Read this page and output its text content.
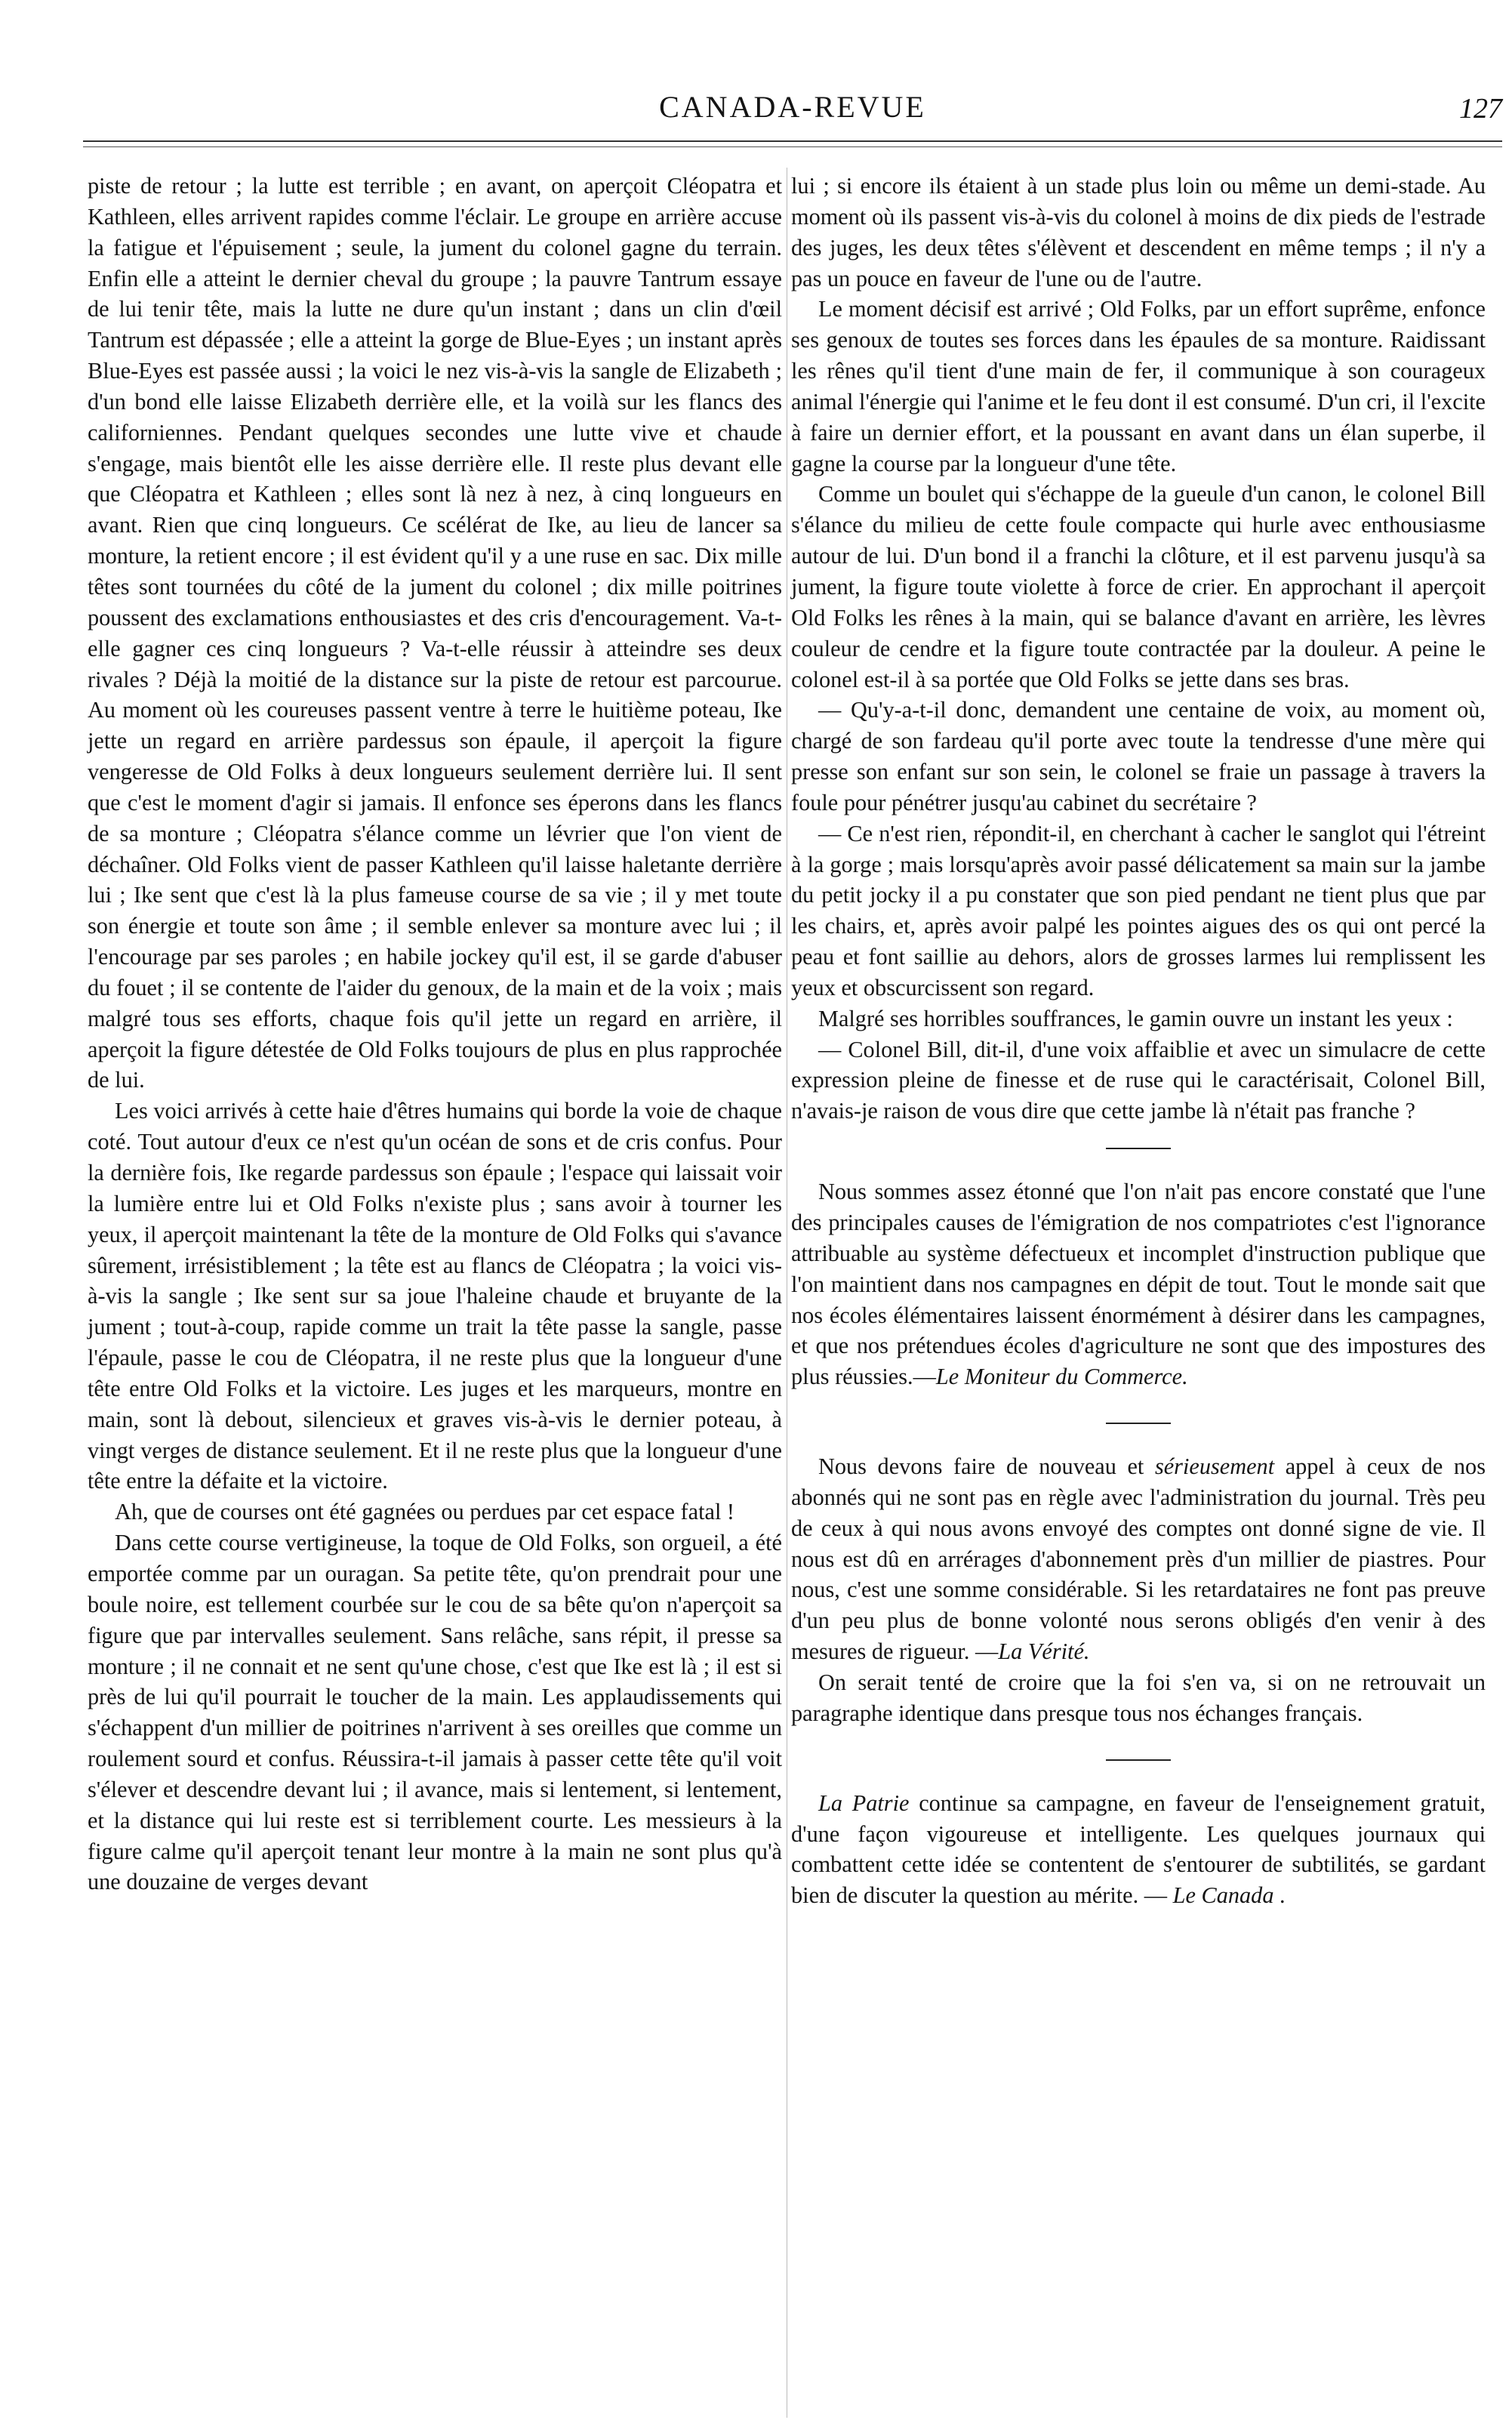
CANADA-REVUE	127

piste de retour ; la lutte est terrible ; en avant, on aperçoit Cléopatra et Kathleen, elles arrivent rapides comme l'éclair. Le groupe en arrière accuse la fatigue et l'épuisement ; seule, la jument du colonel gagne du terrain. Enfin elle a atteint le dernier cheval du groupe ; la pauvre Tantrum essaye de lui tenir tête, mais la lutte ne dure qu'un instant ; dans un clin d'œil Tantrum est dépassée ; elle a atteint la gorge de Blue-Eyes ; un instant après Blue-Eyes est passée aussi ; la voici le nez vis-à-vis la sangle de Elizabeth ; d'un bond elle laisse Elizabeth derrière elle, et la voilà sur les flancs des californiennes. Pendant quelques secondes une lutte vive et chaude s'engage, mais bientôt elle les aisse derrière elle. Il reste plus devant elle que Cléopatra et Kathleen ; elles sont là nez à nez, à cinq longueurs en avant. Rien que cinq longueurs. Ce scélérat de Ike, au lieu de lancer sa monture, la retient encore ; il est évident qu'il y a une ruse en sac. Dix mille têtes sont tournées du côté de la jument du colonel ; dix mille poitrines poussent des exclamations enthousiastes et des cris d'encouragement. Va-t-elle gagner ces cinq longueurs ? Va-t-elle réussir à atteindre ses deux rivales ? Déjà la moitié de la distance sur la piste de retour est parcourue. Au moment où les coureuses passent ventre à terre le huitième poteau, Ike jette un regard en arrière pardessus son épaule, il aperçoit la figure vengeresse de Old Folks à deux longueurs seulement derrière lui. Il sent que c'est le moment d'agir si jamais. Il enfonce ses éperons dans les flancs de sa monture ; Cléopatra s'élance comme un lévrier que l'on vient de déchaîner. Old Folks vient de passer Kathleen qu'il laisse haletante derrière lui ; Ike sent que c'est là la plus fameuse course de sa vie ; il y met toute son énergie et toute son âme ; il semble enlever sa monture avec lui ; il l'encourage par ses paroles ; en habile jockey qu'il est, il se garde d'abuser du fouet ; il se contente de l'aider du genoux, de la main et de la voix ; mais malgré tous ses efforts, chaque fois qu'il jette un regard en arrière, il aperçoit la figure détestée de Old Folks toujours de plus en plus rapprochée de lui.

Les voici arrivés à cette haie d'êtres humains qui borde la voie de chaque coté. Tout autour d'eux ce n'est qu'un océan de sons et de cris confus. Pour la dernière fois, Ike regarde pardessus son épaule ; l'espace qui laissait voir la lumière entre lui et Old Folks n'existe plus ; sans avoir à tourner les yeux, il aperçoit maintenant la tête de la monture de Old Folks qui s'avance sûrement, irrésistiblement ; la tête est au flancs de Cléopatra ; la voici vis-à-vis la sangle ; Ike sent sur sa joue l'haleine chaude et bruyante de la jument ; tout-à-coup, rapide comme un trait la tête passe la sangle, passe l'épaule, passe le cou de Cléopatra, il ne reste plus que la longueur d'une tête entre Old Folks et la victoire. Les juges et les marqueurs, montre en main, sont là debout, silencieux et graves vis-à-vis le dernier poteau, à vingt verges de distance seulement. Et il ne reste plus que la longueur d'une tête entre la défaite et la victoire.

Ah, que de courses ont été gagnées ou perdues par cet espace fatal !

Dans cette course vertigineuse, la toque de Old Folks, son orgueil, a été emportée comme par un ouragan. Sa petite tête, qu'on prendrait pour une boule noire, est tellement courbée sur le cou de sa bête qu'on n'aperçoit sa figure que par intervalles seulement. Sans relâche, sans répit, il presse sa monture ; il ne connait et ne sent qu'une chose, c'est que Ike est là ; il est si près de lui qu'il pourrait le toucher de la main. Les applaudissements qui s'échappent d'un millier de poitrines n'arrivent à ses oreilles que comme un roulement sourd et confus. Réussira-t-il jamais à passer cette tête qu'il voit s'élever et descendre devant lui ; il avance, mais si lentement, si lentement, et la distance qui lui reste est si terriblement courte. Les messieurs à la figure calme qu'il aperçoit tenant leur montre à la main ne sont plus qu'à une douzaine de verges devant

lui ; si encore ils étaient à un stade plus loin ou même un demi-stade. Au moment où ils passent vis-à-vis du colonel à moins de dix pieds de l'estrade des juges, les deux têtes s'élèvent et descendent en même temps ; il n'y a pas un pouce en faveur de l'une ou de l'autre.

Le moment décisif est arrivé ; Old Folks, par un effort suprême, enfonce ses genoux de toutes ses forces dans les épaules de sa monture. Raidissant les rênes qu'il tient d'une main de fer, il communique à son courageux animal l'énergie qui l'anime et le feu dont il est consumé. D'un cri, il l'excite à faire un dernier effort, et la poussant en avant dans un élan superbe, il gagne la course par la longueur d'une tête.

Comme un boulet qui s'échappe de la gueule d'un canon, le colonel Bill s'élance du milieu de cette foule compacte qui hurle avec enthousiasme autour de lui. D'un bond il a franchi la clôture, et il est parvenu jusqu'à sa jument, la figure toute violette à force de crier. En approchant il aperçoit Old Folks les rênes à la main, qui se balance d'avant en arrière, les lèvres couleur de cendre et la figure toute contractée par la douleur. A peine le colonel est-il à sa portée que Old Folks se jette dans ses bras.

— Qu'y-a-t-il donc, demandent une centaine de voix, au moment où, chargé de son fardeau qu'il porte avec toute la tendresse d'une mère qui presse son enfant sur son sein, le colonel se fraie un passage à travers la foule pour pénétrer jusqu'au cabinet du secrétaire ?

— Ce n'est rien, répondit-il, en cherchant à cacher le sanglot qui l'étreint à la gorge ; mais lorsqu'après avoir passé délicatement sa main sur la jambe du petit jocky il a pu constater que son pied pendant ne tient plus que par les chairs, et, après avoir palpé les pointes aigues des os qui ont percé la peau et font saillie au dehors, alors de grosses larmes lui remplissent les yeux et obscurcissent son regard.

Malgré ses horribles souffrances, le gamin ouvre un instant les yeux :

— Colonel Bill, dit-il, d'une voix affaiblie et avec un simulacre de cette expression pleine de finesse et de ruse qui le caractérisait, Colonel Bill, n'avais-je raison de vous dire que cette jambe là n'était pas franche ?

Nous sommes assez étonné que l'on n'ait pas encore constaté que l'une des principales causes de l'émigration de nos compatriotes c'est l'ignorance attribuable au système défectueux et incomplet d'instruction publique que l'on maintient dans nos campagnes en dépit de tout. Tout le monde sait que nos écoles élémentaires laissent énormément à désirer dans les campagnes, et que nos prétendues écoles d'agriculture ne sont que des impostures des plus réussies.—Le Moniteur du Commerce.

Nous devons faire de nouveau et sérieusement appel à ceux de nos abonnés qui ne sont pas en règle avec l'administration du journal. Très peu de ceux à qui nous avons envoyé des comptes ont donné signe de vie. Il nous est dû en arrérages d'abonnement près d'un millier de piastres. Pour nous, c'est une somme considérable. Si les retardataires ne font pas preuve d'un peu plus de bonne volonté nous serons obligés d'en venir à des mesures de rigueur. —La Vérité.

On serait tenté de croire que la foi s'en va, si on ne retrouvait un paragraphe identique dans presque tous nos échanges français.

La Patrie continue sa campagne, en faveur de l'enseignement gratuit, d'une façon vigoureuse et intelligente. Les quelques journaux qui combattent cette idée se contentent de s'entourer de subtilités, se gardant bien de discuter la question au mérite. — Le Canada .
